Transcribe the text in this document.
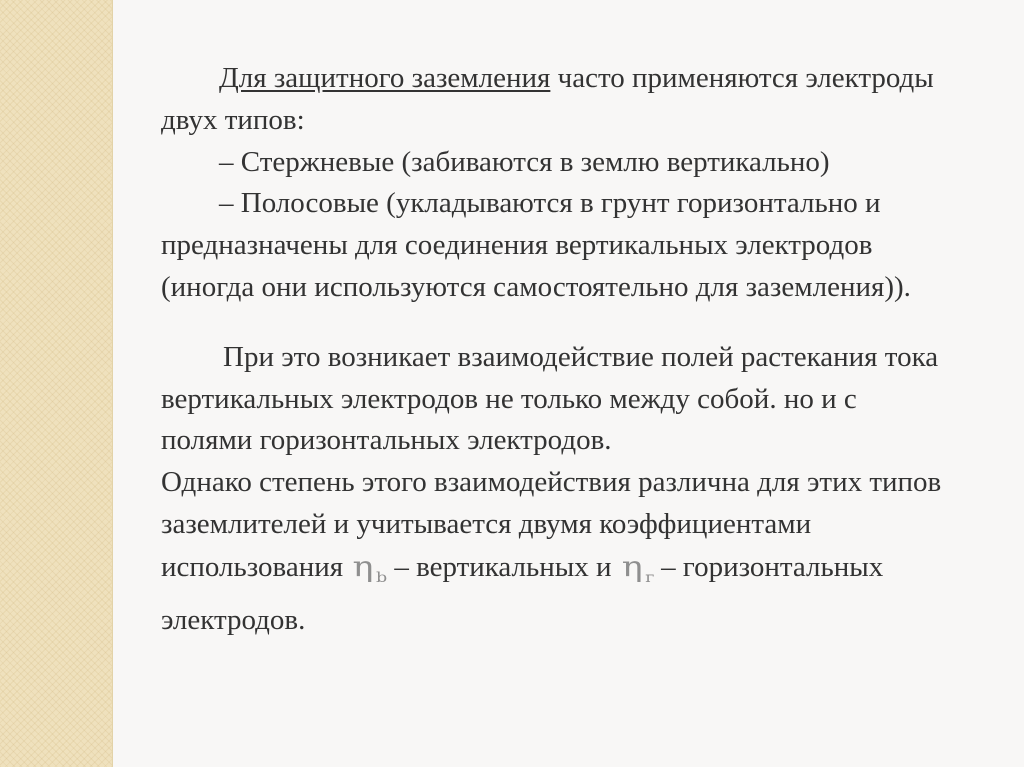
Для защитного заземления часто применяются электроды

двух типов:

– Стержневые (забиваются в землю вертикально)

– Полосовые (укладываются в грунт горизонтально и

предназначены для соединения вертикальных электродов

(иногда они используются самостоятельно для заземления)).

При это возникает взаимодействие полей растекания тока

вертикальных электродов не только между собой. но и с

полями горизонтальных электродов.

Однако степень этого взаимодействия различна для этих типов

заземлителей и учитывается двумя коэффициентами

использования η $_b$ – вертикальных и η $_г$ – горизонтальных

электродов.
